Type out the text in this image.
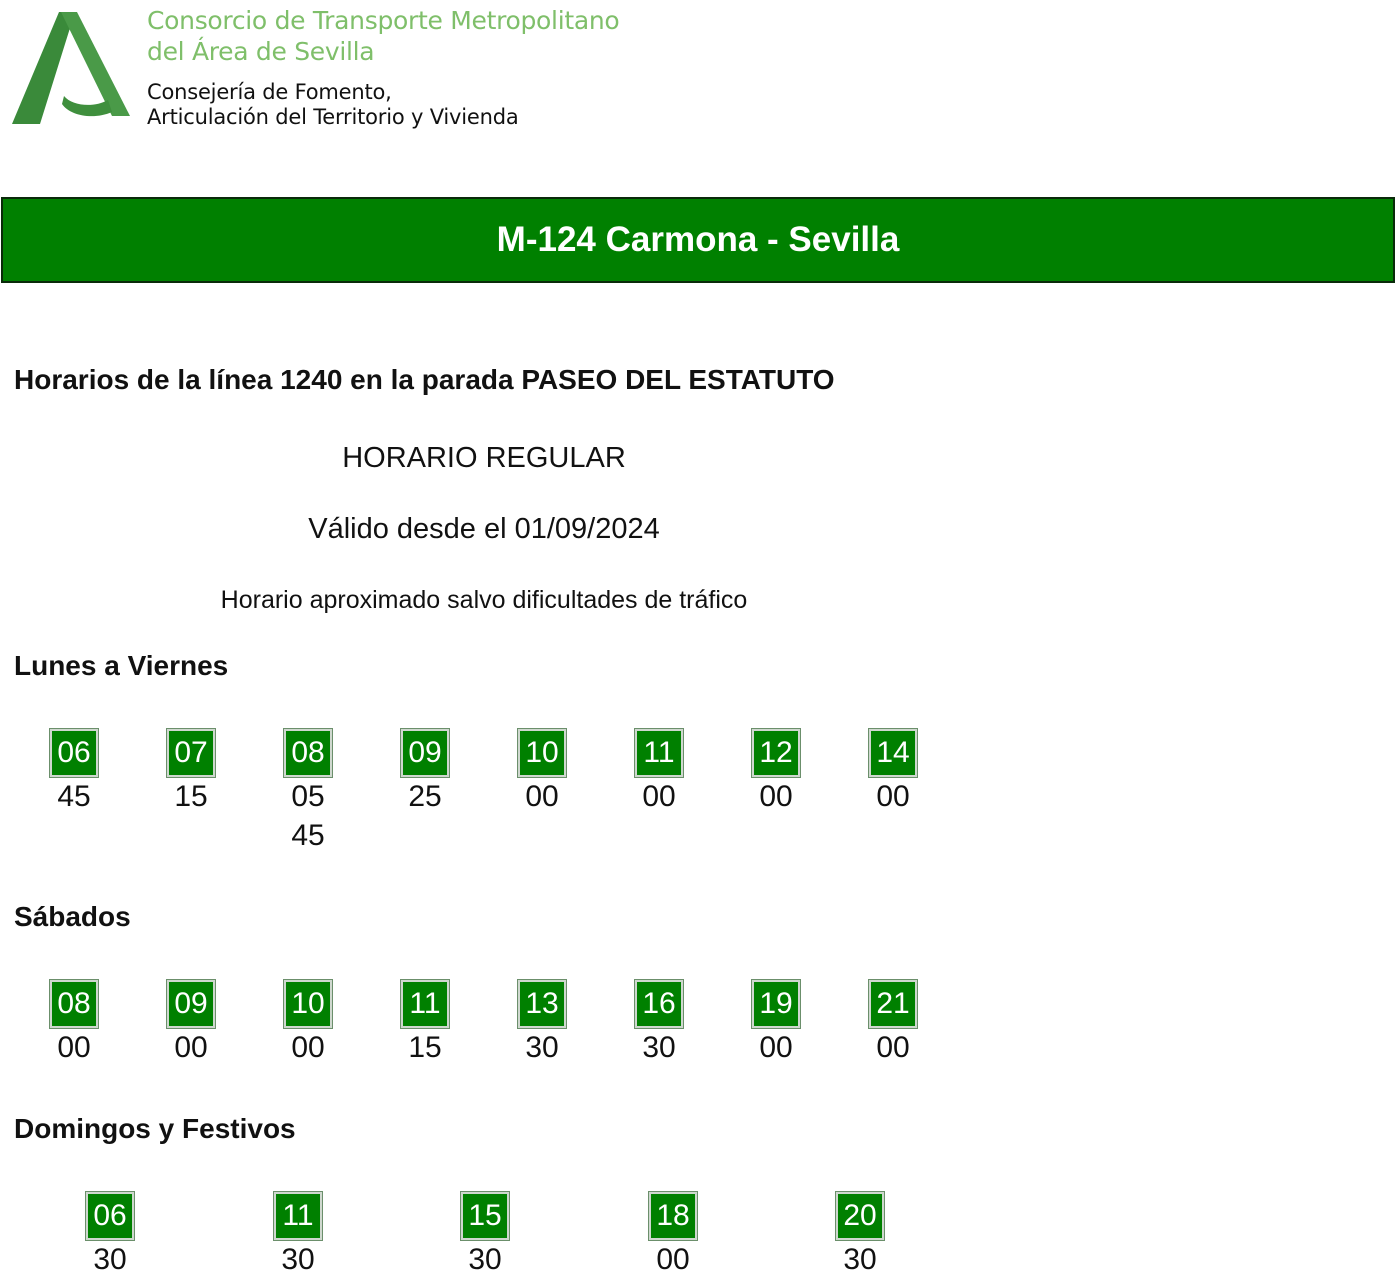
Consorcio de Transporte Metropolitano
del Área de Sevilla
Consejería de Fomento,
Articulación del Territorio y Vivienda
M-124 Carmona - Sevilla
Horarios de la línea 1240 en la parada PASEO DEL ESTATUTO
HORARIO REGULAR
Válido desde el 01/09/2024
Horario aproximado salvo dificultades de tráfico
Lunes a Viernes
06
45
07
15
08
05
45
09
25
10
00
11
00
12
00
14
00
Sábados
08
00
09
00
10
00
11
15
13
30
16
30
19
00
21
00
Domingos y Festivos
06
30
11
30
15
30
18
00
20
30
